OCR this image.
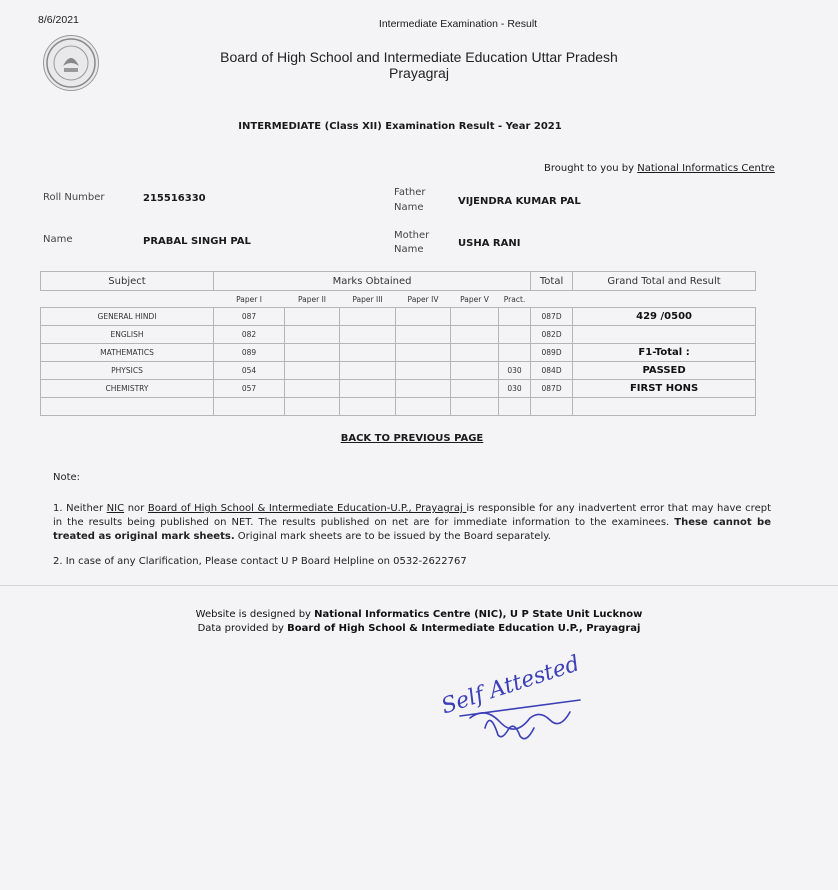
8/6/2021	Intermediate Examination - Result
Board of High School and Intermediate Education Uttar Pradesh
Prayagraj
INTERMEDIATE (Class XII) Examination Result - Year 2021
Brought to you by National Informatics Centre
Roll Number	215516330
Father
Name
VIJENDRA KUMAR PAL
Name	PRABAL SINGH PAL
Mother
Name
USHA RANI
Subject	Marks Obtained						Total	Grand Total and Result
	Paper I	Paper II	Paper III	Paper IV	Paper V	Pract.		
GENERAL HINDI	087						087D	429 /0500
ENGLISH	082						082D	
MATHEMATICS	089						089D	F1-Total :
PHYSICS	054					030	084D	PASSED
CHEMISTRY	057					030	087D	FIRST HONS

BACK TO PREVIOUS PAGE
Note:
1. Neither NIC nor Board of High School & Intermediate Education-U.P., Prayagraj is responsible for any inadvertent error that may have crept in the results being published on NET. The results published on net are for immediate information to the examinees. These cannot be treated as original mark sheets. Original mark sheets are to be issued by the Board separately.
2. In case of any Clarification, Please contact U P Board Helpline on 0532-2622767
Website is designed by National Informatics Centre (NIC), U P State Unit Lucknow
Data provided by Board of High School & Intermediate Education U.P., Prayagraj
Self Attested
